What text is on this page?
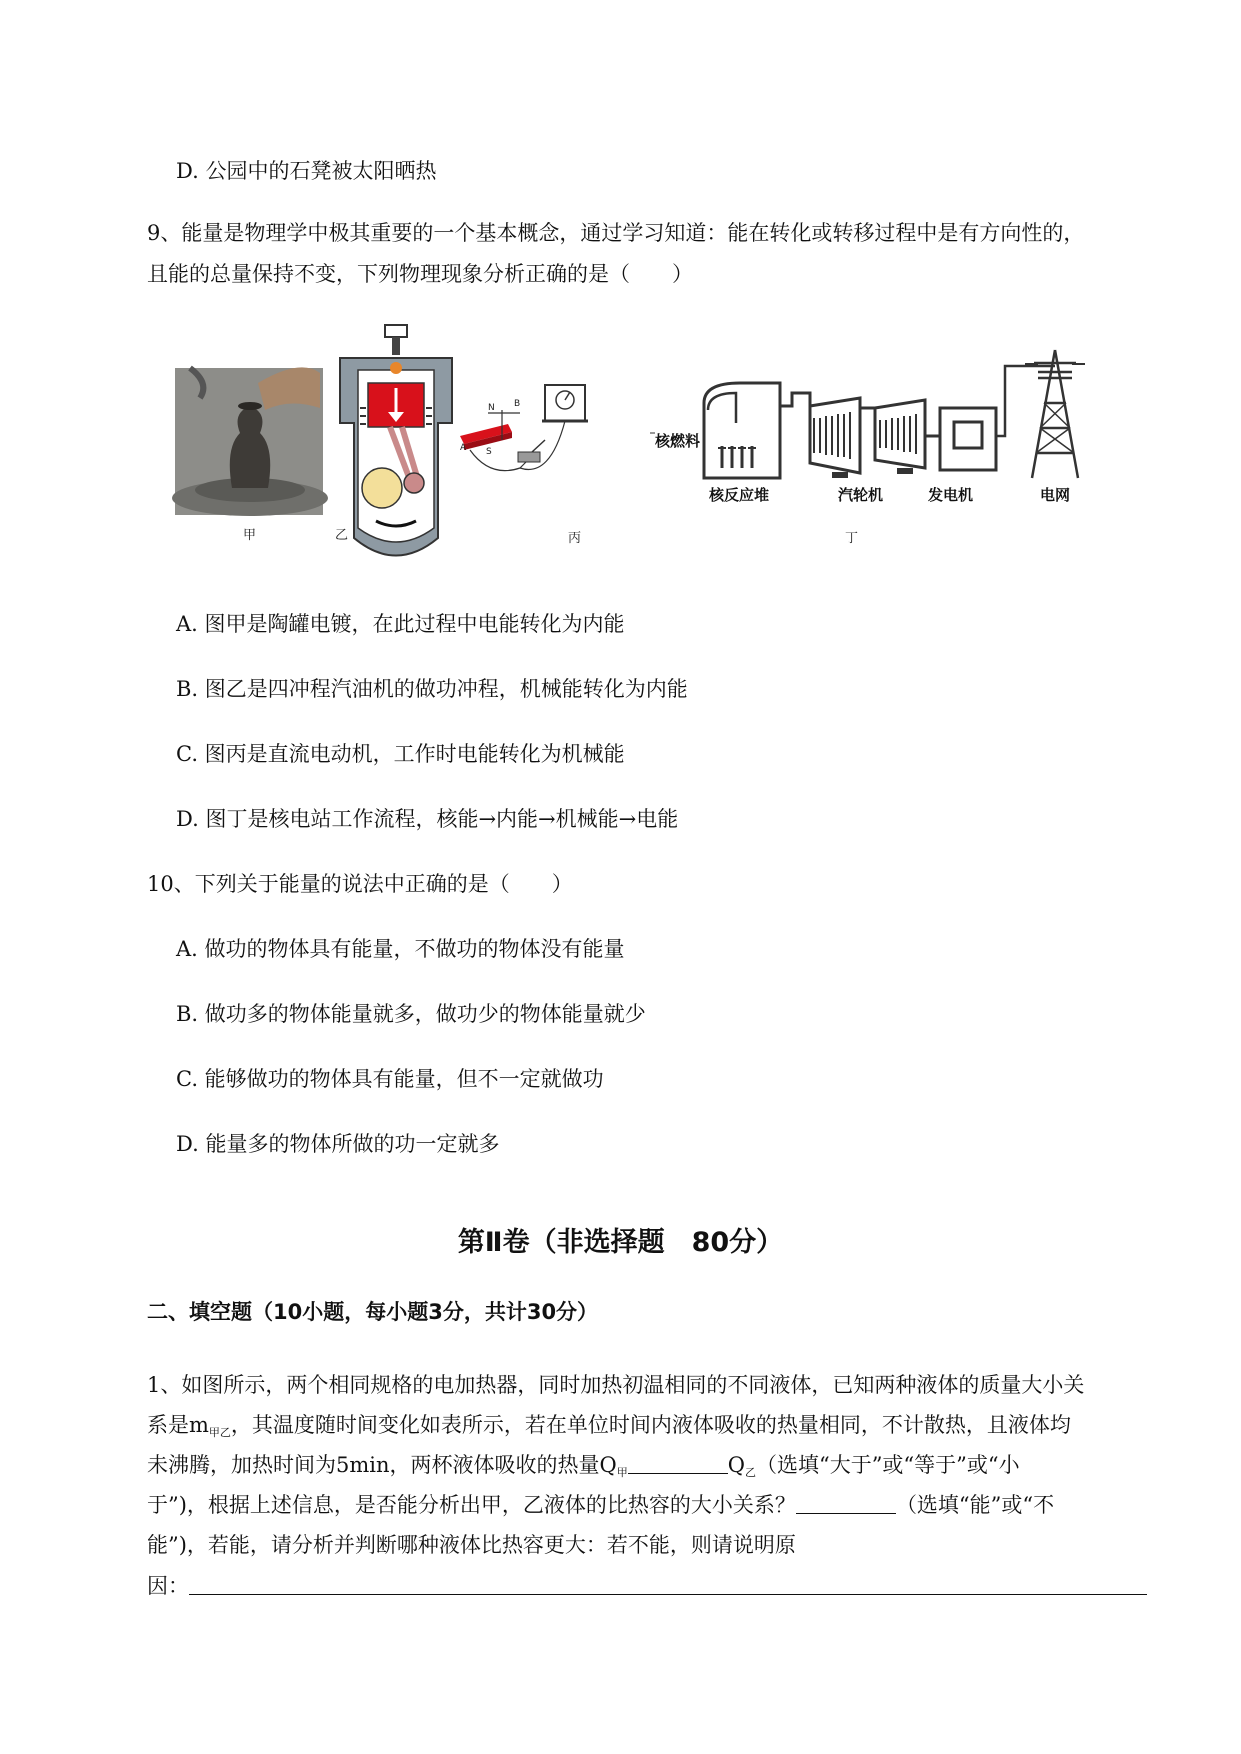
D. 公园中的石凳被太阳晒热
9、能量是物理学中极其重要的一个基本概念，通过学习知道：能在转化或转移过程中是有方向性的，
且能的总量保持不变，下列物理现象分析正确的是（　　）
甲	乙
N B
A S
丙
核燃料
核反应堆	汽轮机	发电机	电网
丁
A. 图甲是陶罐电镀，在此过程中电能转化为内能
B. 图乙是四冲程汽油机的做功冲程，机械能转化为内能
C. 图丙是直流电动机，工作时电能转化为机械能
D. 图丁是核电站工作流程，核能→内能→机械能→电能
10、下列关于能量的说法中正确的是（　　）
A. 做功的物体具有能量，不做功的物体没有能量
B. 做功多的物体能量就多，做功少的物体能量就少
C. 能够做功的物体具有能量，但不一定就做功
D. 能量多的物体所做的功一定就多
第Ⅱ卷（非选择题　80分）
二、填空题（10小题，每小题3分，共计30分）
1、如图所示，两个相同规格的电加热器，同时加热初温相同的不同液体，已知两种液体的质量大小关
系是$m_{甲乙}$，其温度随时间变化如表所示，若在单位时间内液体吸收的热量相同，不计散热，且液体均
未沸腾，加热时间为5min，两杯液体吸收的热量$Q_甲$	$Q_乙$（选填“大于”或“等于”或“小
于”)，根据上述信息，是否能分析出甲，乙液体的比热容的大小关系？	（选填“能”或“不
能”)，若能，请分析并判断哪种液体比热容更大：若不能，则请说明原
因：
